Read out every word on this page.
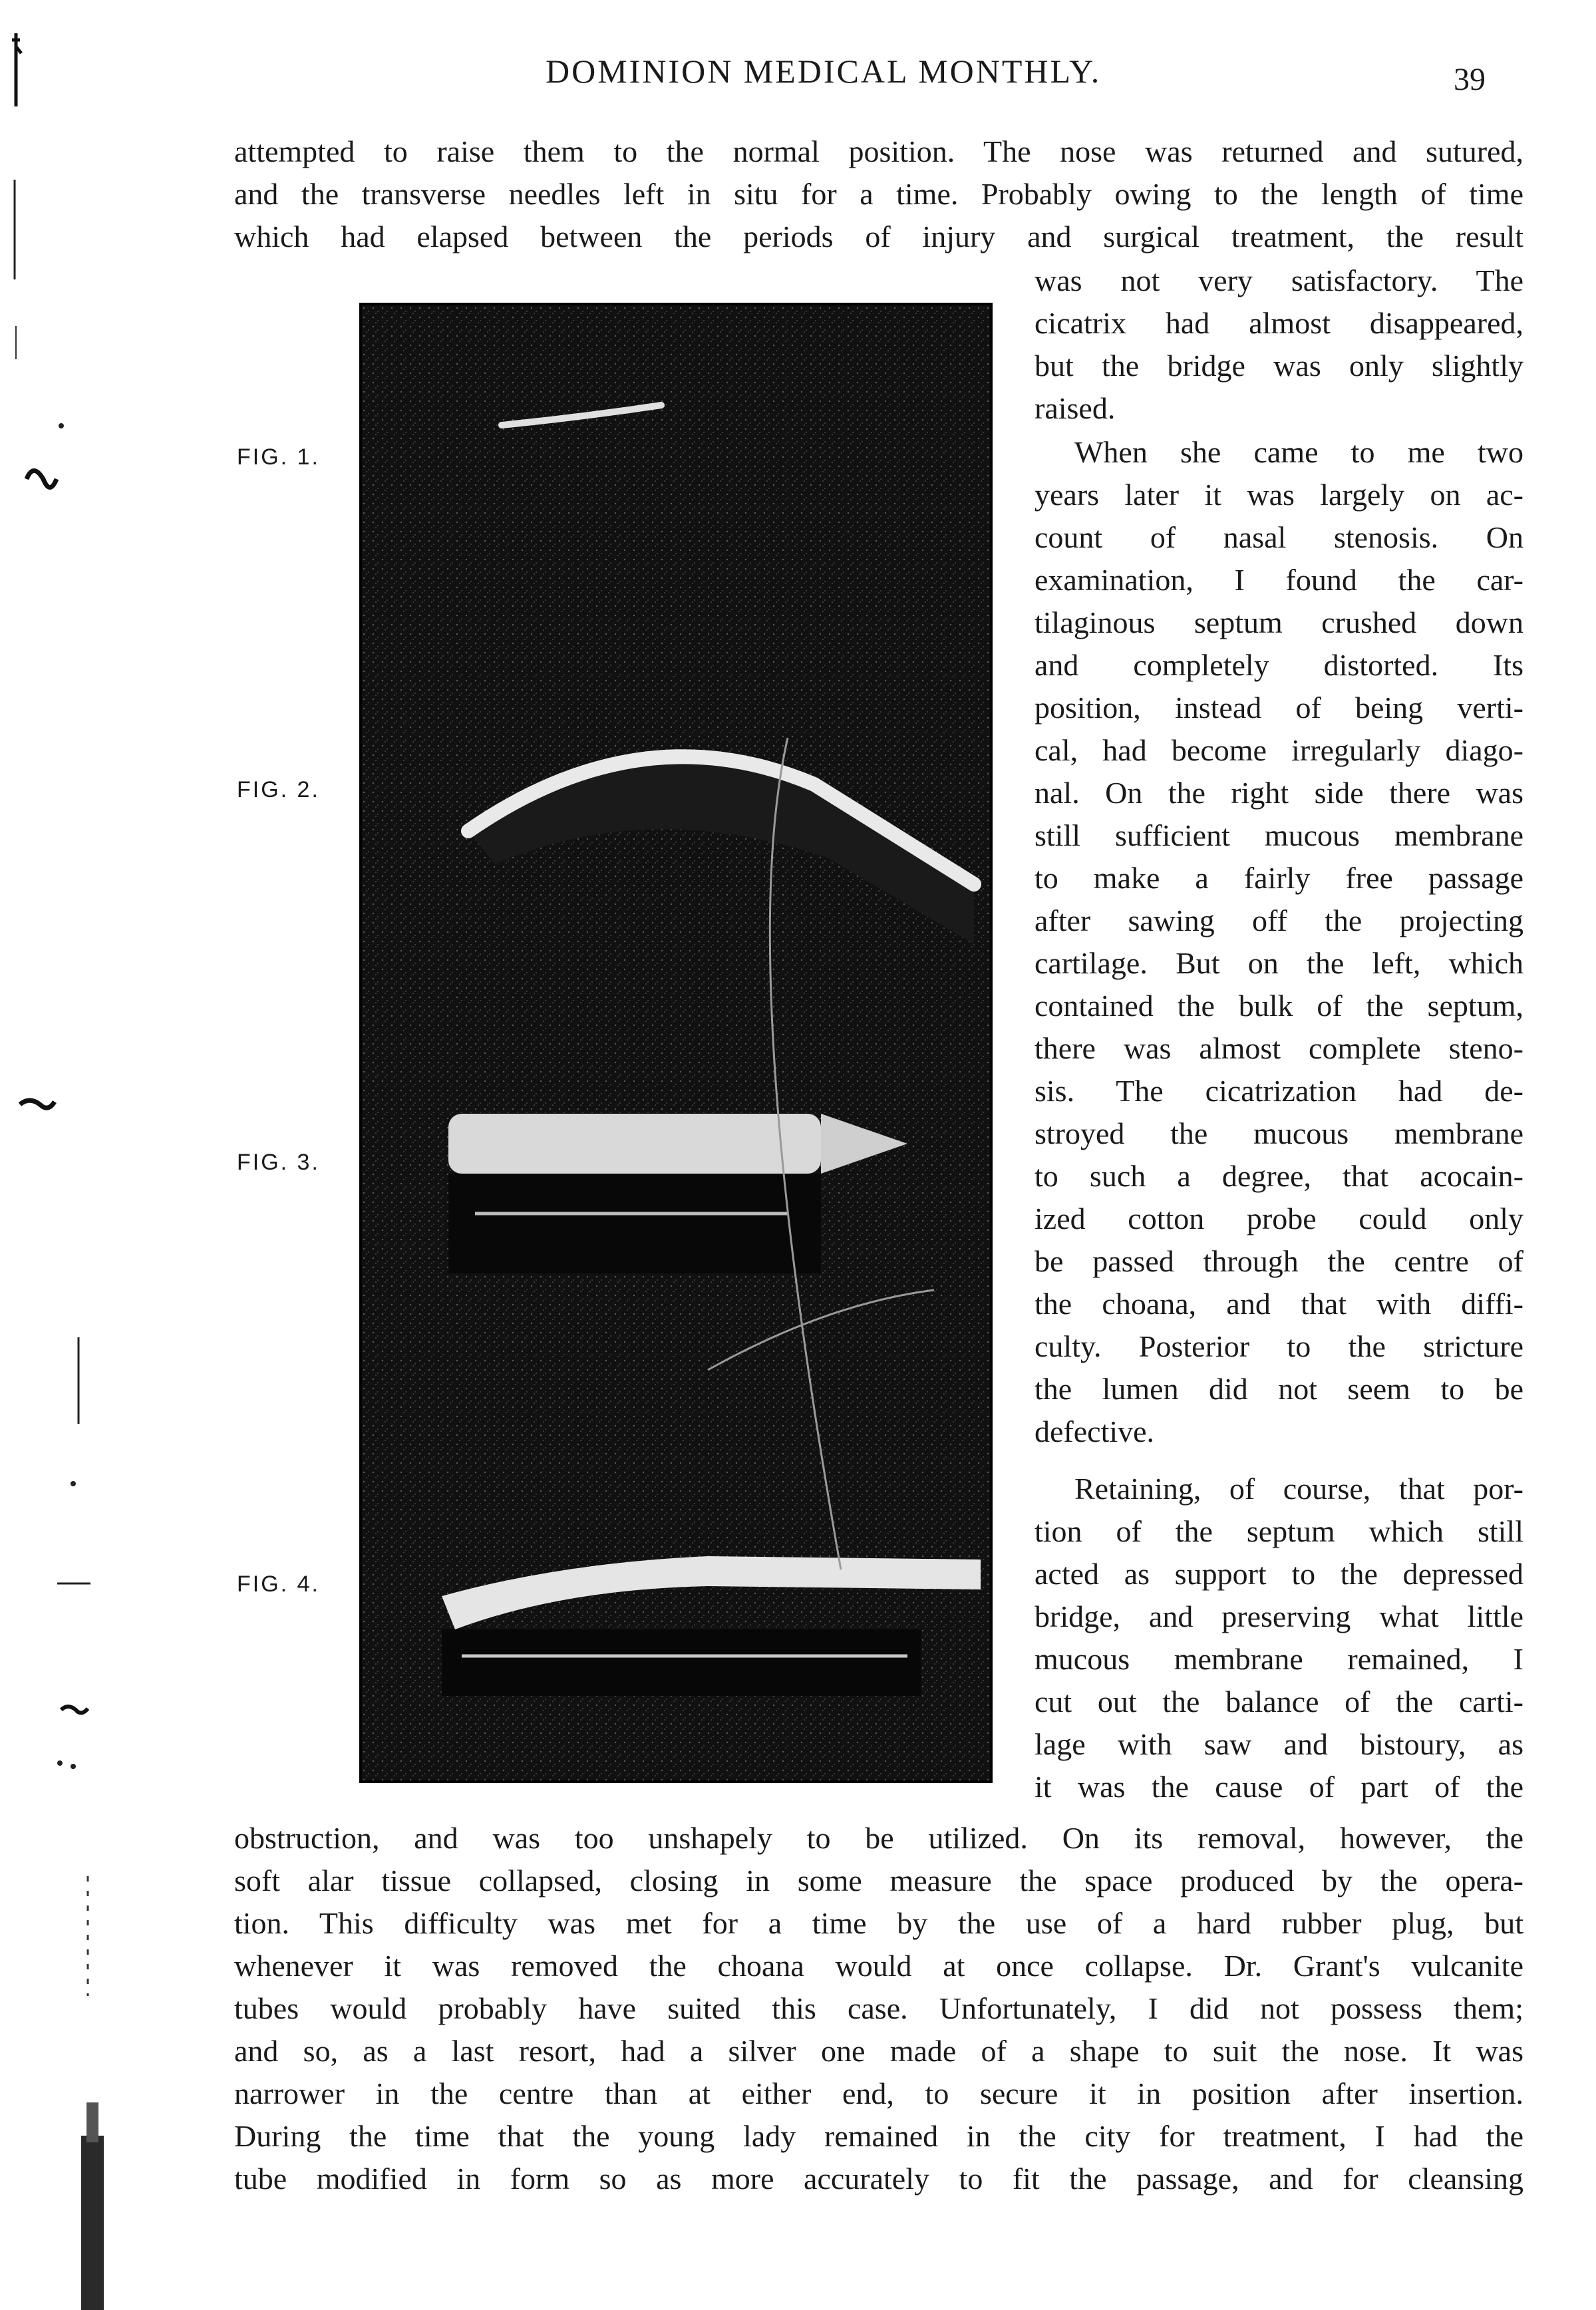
DOMINION MEDICAL MONTHLY.	39
attempted to raise them to the normal position. The nose was returned and sutured,
and the transverse needles left in situ for a time. Probably owing to the length of time
which had elapsed between the periods of injury and surgical treatment, the result
FIG. 1.
FIG. 2.
FIG. 3.
FIG. 4.
was not very satisfactory. The
cicatrix had almost disappeared,
but the bridge was only slightly
raised.
When she came to me two
years later it was largely on ac-
count of nasal stenosis. On
examination, I found the car-
tilaginous septum crushed down
and completely distorted. Its
position, instead of being verti-
cal, had become irregularly diago-
nal. On the right side there was
still sufficient mucous membrane
to make a fairly free passage
after sawing off the projecting
cartilage. But on the left, which
contained the bulk of the septum,
there was almost complete steno-
sis. The cicatrization had de-
stroyed the mucous membrane
to such a degree, that acocain-
ized cotton probe could only
be passed through the centre of
the choana, and that with diffi-
culty. Posterior to the stricture
the lumen did not seem to be
defective.
Retaining, of course, that por-
tion of the septum which still
acted as support to the depressed
bridge, and preserving what little
mucous membrane remained, I
cut out the balance of the carti-
lage with saw and bistoury, as
it was the cause of part of the
obstruction, and was too unshapely to be utilized. On its removal, however, the
soft alar tissue collapsed, closing in some measure the space produced by the opera-
tion. This difficulty was met for a time by the use of a hard rubber plug, but
whenever it was removed the choana would at once collapse. Dr. Grant's vulcanite
tubes would probably have suited this case. Unfortunately, I did not possess them;
and so, as a last resort, had a silver one made of a shape to suit the nose. It was
narrower in the centre than at either end, to secure it in position after insertion.
During the time that the young lady remained in the city for treatment, I had the
tube modified in form so as more accurately to fit the passage, and for cleansing
